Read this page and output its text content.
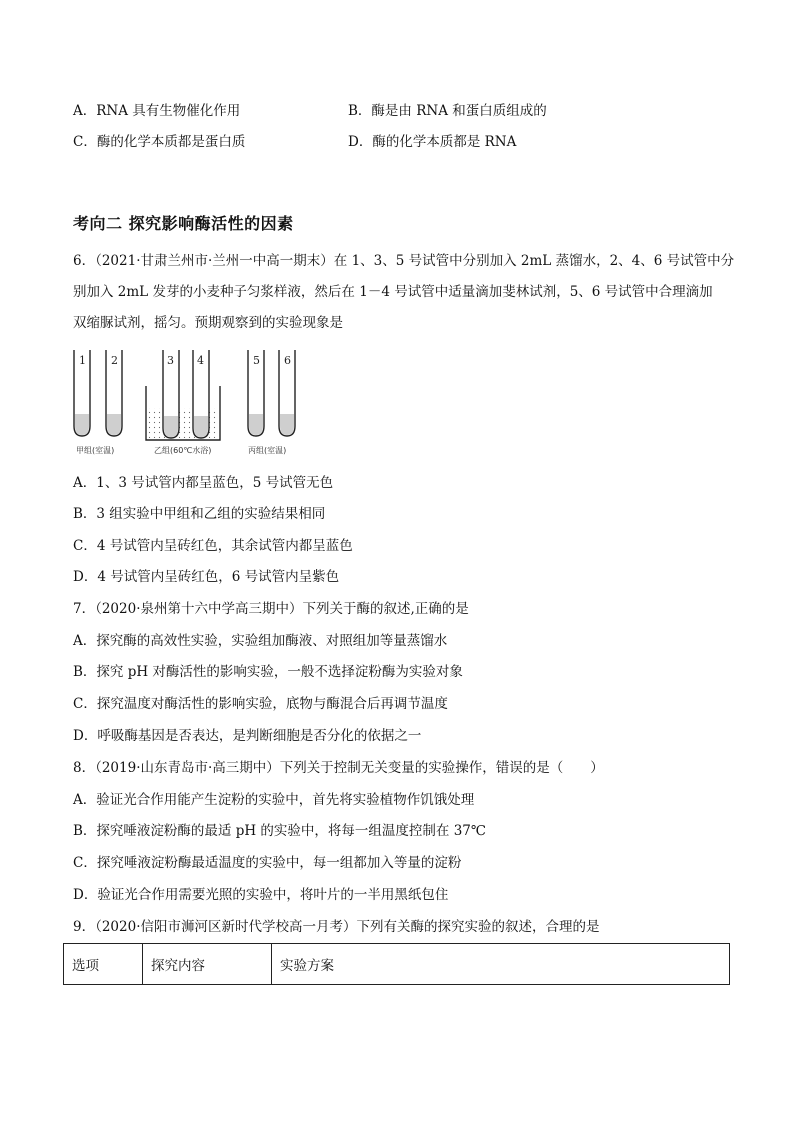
A．RNA 具有生物催化作用	B．酶是由 RNA 和蛋白质组成的
C．酶的化学本质都是蛋白质	D．酶的化学本质都是 RNA
考向二 探究影响酶活性的因素
6．（2021·甘肃兰州市·兰州一中高一期末）在 1、3、5 号试管中分别加入 2mL 蒸馏水，2、4、6 号试管中分
别加入 2mL 发芽的小麦种子匀浆样液，然后在 1－4 号试管中适量滴加斐林试剂，5、6 号试管中合理滴加
双缩脲试剂，摇匀。预期观察到的实验现象是
1 2	3 4	5 6
甲组(室温)	乙组(60℃水浴)	丙组(室温)
A．1、3 号试管内都呈蓝色，5 号试管无色
B．3 组实验中甲组和乙组的实验结果相同
C．4 号试管内呈砖红色，其余试管内都呈蓝色
D．4 号试管内呈砖红色，6 号试管内呈紫色
7．（2020·泉州第十六中学高三期中）下列关于酶的叙述,正确的是
A．探究酶的高效性实验，实验组加酶液、对照组加等量蒸馏水
B．探究 pH 对酶活性的影响实验，一般不选择淀粉酶为实验对象
C．探究温度对酶活性的影响实验，底物与酶混合后再调节温度
D．呼吸酶基因是否表达，是判断细胞是否分化的依据之一
8．（2019·山东青岛市·高三期中）下列关于控制无关变量的实验操作，错误的是（　　）
A．验证光合作用能产生淀粉的实验中，首先将实验植物作饥饿处理
B．探究唾液淀粉酶的最适 pH 的实验中，将每一组温度控制在 37℃
C．探究唾液淀粉酶最适温度的实验中，每一组都加入等量的淀粉
D．验证光合作用需要光照的实验中，将叶片的一半用黑纸包住
9．（2020·信阳市浉河区新时代学校高一月考）下列有关酶的探究实验的叙述，合理的是
选项	探究内容	实验方案
